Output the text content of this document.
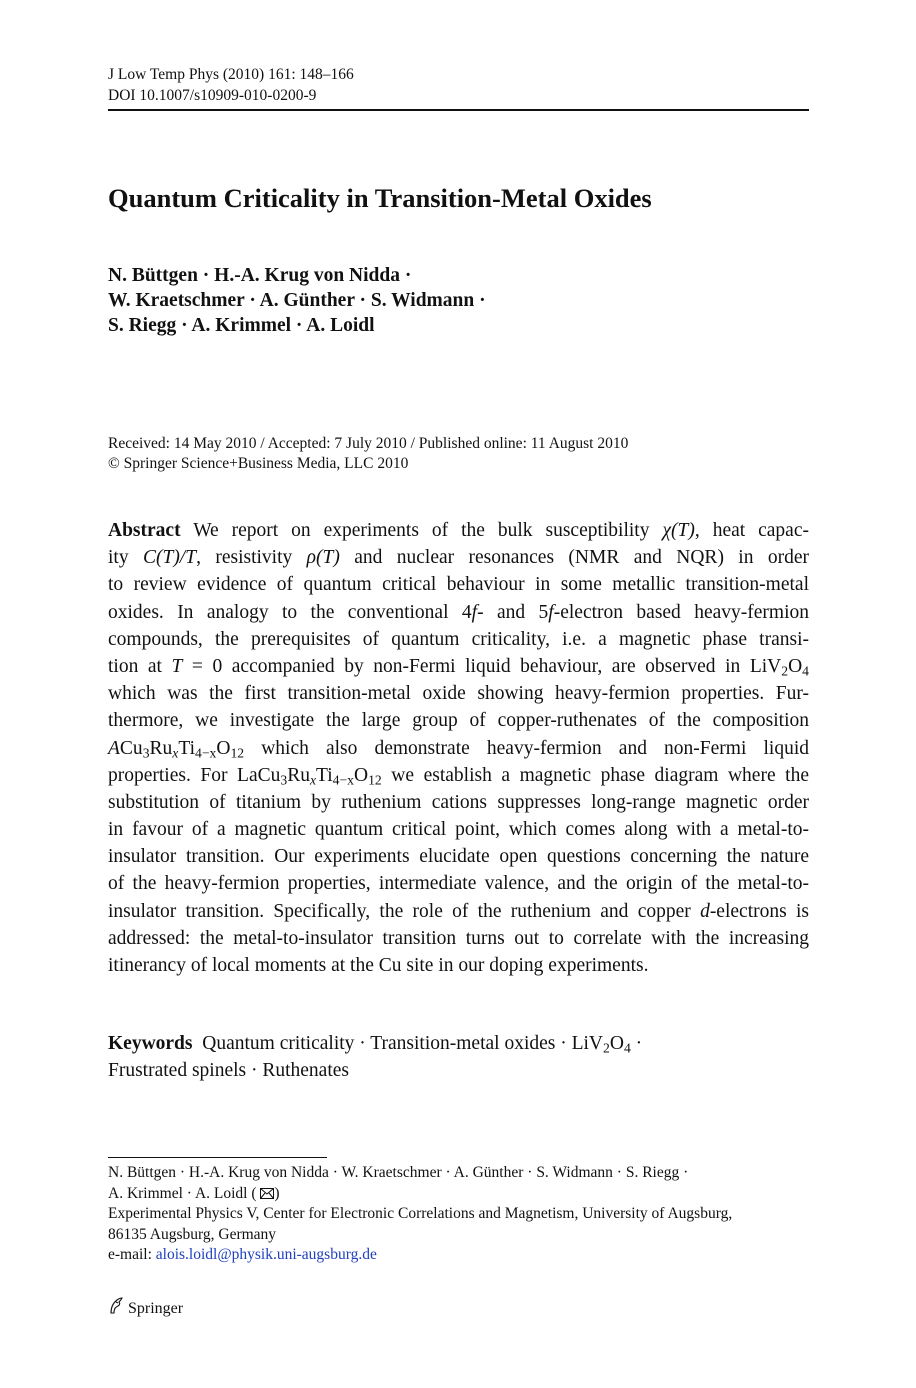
J Low Temp Phys (2010) 161: 148–166
DOI 10.1007/s10909-010-0200-9
Quantum Criticality in Transition-Metal Oxides
N. Büttgen · H.-A. Krug von Nidda ·
W. Kraetschmer · A. Günther · S. Widmann ·
S. Riegg · A. Krimmel · A. Loidl
Received: 14 May 2010 / Accepted: 7 July 2010 / Published online: 11 August 2010
© Springer Science+Business Media, LLC 2010
Abstract We report on experiments of the bulk susceptibility χ(T), heat capac-
ity C(T)/T, resistivity ρ(T) and nuclear resonances (NMR and NQR) in order
to review evidence of quantum critical behaviour in some metallic transition-metal
oxides. In analogy to the conventional 4f- and 5f-electron based heavy-fermion
compounds, the prerequisites of quantum criticality, i.e. a magnetic phase transi-
tion at T = 0 accompanied by non-Fermi liquid behaviour, are observed in $LiV_2O_4$
which was the first transition-metal oxide showing heavy-fermion properties. Fur-
thermore, we investigate the large group of copper-ruthenates of the composition
$ACu_3Ru_xTi_{4-x}O_{12}$ which also demonstrate heavy-fermion and non-Fermi liquid
properties. For $LaCu_3Ru_xTi_{4-x}O_{12}$ we establish a magnetic phase diagram where the
substitution of titanium by ruthenium cations suppresses long-range magnetic order
in favour of a magnetic quantum critical point, which comes along with a metal-to-
insulator transition. Our experiments elucidate open questions concerning the nature
of the heavy-fermion properties, intermediate valence, and the origin of the metal-to-
insulator transition. Specifically, the role of the ruthenium and copper d-electrons is
addressed: the metal-to-insulator transition turns out to correlate with the increasing
itinerancy of local moments at the Cu site in our doping experiments.
Keywords Quantum criticality · Transition-metal oxides · $LiV_2O_4$ ·
Frustrated spinels · Ruthenates
N. Büttgen · H.-A. Krug von Nidda · W. Kraetschmer · A. Günther · S. Widmann · S. Riegg ·
A. Krimmel · A. Loidl ( )
Experimental Physics V, Center for Electronic Correlations and Magnetism, University of Augsburg,
86135 Augsburg, Germany
e-mail: alois.loidl@physik.uni-augsburg.de
Springer
